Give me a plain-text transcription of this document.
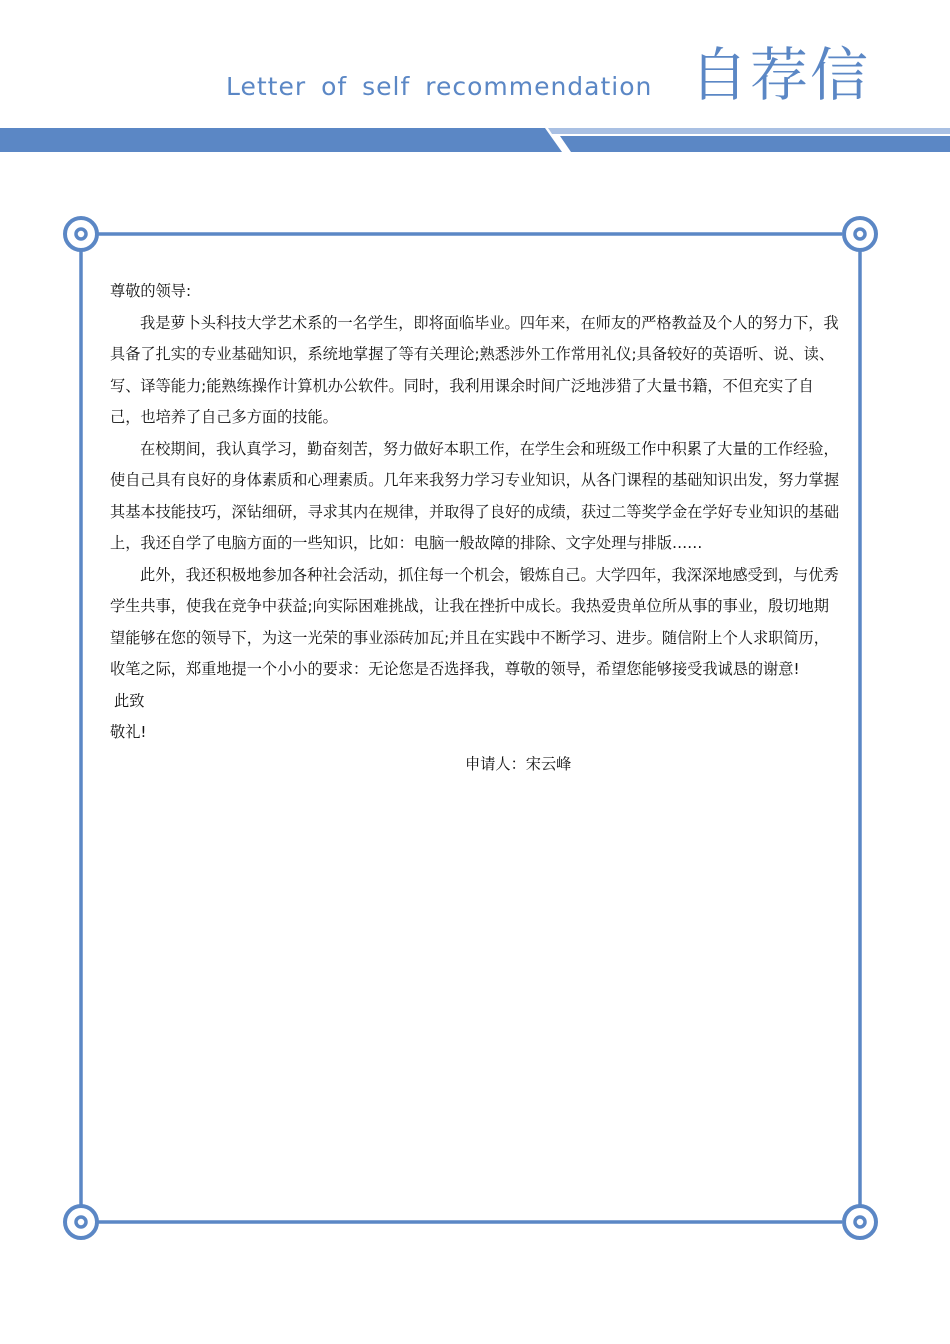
Letter of self recommendation 自荐信

尊敬的领导:

我是萝卜头科技大学艺术系的一名学生，即将面临毕业。四年来，在师友的严格教益及个人的努力下，我具备了扎实的专业基础知识，系统地掌握了等有关理论;熟悉涉外工作常用礼仪;具备较好的英语听、说、读、写、译等能力;能熟练操作计算机办公软件。同时，我利用课余时间广泛地涉猎了大量书籍，不但充实了自己，也培养了自己多方面的技能。

在校期间，我认真学习，勤奋刻苦，努力做好本职工作，在学生会和班级工作中积累了大量的工作经验，使自己具有良好的身体素质和心理素质。几年来我努力学习专业知识，从各门课程的基础知识出发，努力掌握其基本技能技巧，深钻细研，寻求其内在规律，并取得了良好的成绩，获过二等奖学金在学好专业知识的基础上，我还自学了电脑方面的一些知识，比如：电脑一般故障的排除、文字处理与排版……

此外，我还积极地参加各种社会活动，抓住每一个机会，锻炼自己。大学四年，我深深地感受到，与优秀学生共事，使我在竞争中获益;向实际困难挑战，让我在挫折中成长。我热爱贵单位所从事的事业，殷切地期望能够在您的领导下，为这一光荣的事业添砖加瓦;并且在实践中不断学习、进步。随信附上个人求职简历，收笔之际，郑重地提一个小小的要求：无论您是否选择我，尊敬的领导，希望您能够接受我诚恳的谢意!

此致

敬礼!

申请人：宋云峰
